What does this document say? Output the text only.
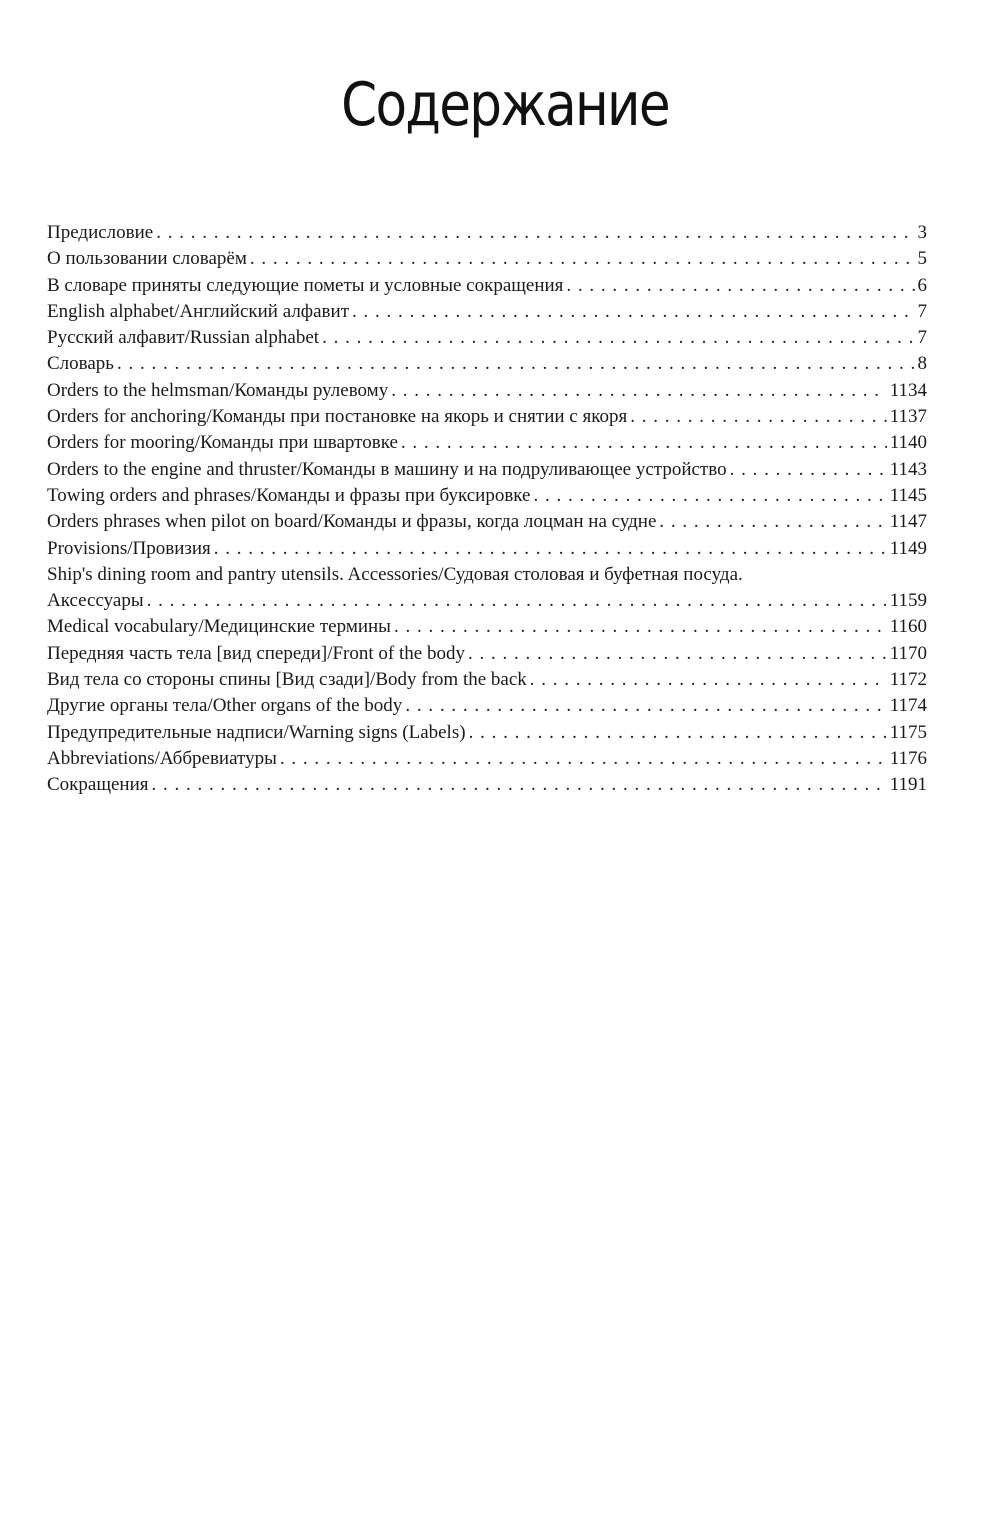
Содержание
Предисловие . . .	3
О пользовании словарём . . .	5
В словаре приняты следующие пометы и условные сокращения . . .	6
English alphabet/Английский алфавит . . .	7
Русский алфавит/Russian alphabet . . .	7
Словарь . . .	8
Orders to the helmsman/Команды рулевому . . .	1134
Orders for anchoring/Команды при постановке на якорь и снятии с якоря . . .	1137
Orders for mooring/Команды при швартовке . . .	1140
Orders to the engine and thruster/Команды в машину и на подруливающее устройство . . .	1143
Towing orders and phrases/Команды и фразы при буксировке . . .	1145
Orders phrases when pilot on board/Команды и фразы, когда лоцман на судне . . .	1147
Provisions/Провизия . . .	1149
Ship's dining room and pantry utensils. Accessories/Судовая столовая и буфетная посуда.
Аксессуары . . .	1159
Medical vocabulary/Медицинские термины . . .	1160
Передняя часть тела [вид спереди]/Front of the body . . .	1170
Вид тела со стороны спины [Вид сзади]/Body from the back . . .	1172
Другие органы тела/Other organs of the body . . .	1174
Предупредительные надписи/Warning signs (Labels) . . .	1175
Abbreviations/Аббревиатуры . . .	1176
Сокращения . . .	1191
